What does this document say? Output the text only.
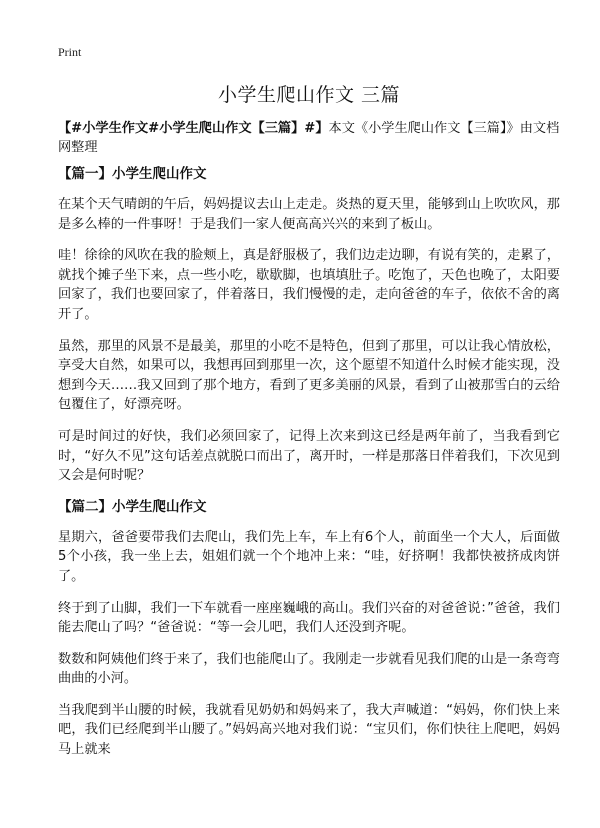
Print
小学生爬山作文 三篇

【#小学生作文#小学生爬山作文【三篇】#】本文《小学生爬山作文【三篇】》由文档网整理

【篇一】小学生爬山作文

在某个天气晴朗的午后，妈妈提议去山上走走。炎热的夏天里，能够到山上吹吹风，那是多么棒的一件事呀！于是我们一家人便高高兴兴的来到了板山。

哇！徐徐的风吹在我的脸颊上，真是舒服极了，我们边走边聊，有说有笑的，走累了，就找个摊子坐下来，点一些小吃，歇歇脚，也填填肚子。吃饱了，天色也晚了，太阳要回家了，我们也要回家了，伴着落日，我们慢慢的走，走向爸爸的车子，依依不舍的离开了。

虽然，那里的风景不是最美，那里的小吃不是特色，但到了那里，可以让我心情放松，享受大自然，如果可以，我想再回到那里一次，这个愿望不知道什么时候才能实现，没想到今天……我又回到了那个地方，看到了更多美丽的风景，看到了山被那雪白的云给包覆住了，好漂亮呀。

可是时间过的好快，我们必须回家了，记得上次来到这已经是两年前了，当我看到它时，“好久不见”这句话差点就脱口而出了，离开时，一样是那落日伴着我们，下次见到又会是何时呢？

【篇二】小学生爬山作文

星期六，爸爸要带我们去爬山，我们先上车，车上有6个人，前面坐一个大人，后面做5个小孩，我一坐上去，姐姐们就一个个地冲上来：“哇，好挤啊！我都快被挤成肉饼了。

终于到了山脚，我们一下车就看一座座巍峨的高山。我们兴奋的对爸爸说：”爸爸，我们能去爬山了吗？“爸爸说：“等一会儿吧，我们人还没到齐呢。

数数和阿姨他们终于来了，我们也能爬山了。我刚走一步就看见我们爬的山是一条弯弯曲曲的小河。

当我爬到半山腰的时候，我就看见奶奶和妈妈来了，我大声喊道：“妈妈，你们快上来吧，我们已经爬到半山腰了。”妈妈高兴地对我们说：“宝贝们，你们快往上爬吧，妈妈马上就来
